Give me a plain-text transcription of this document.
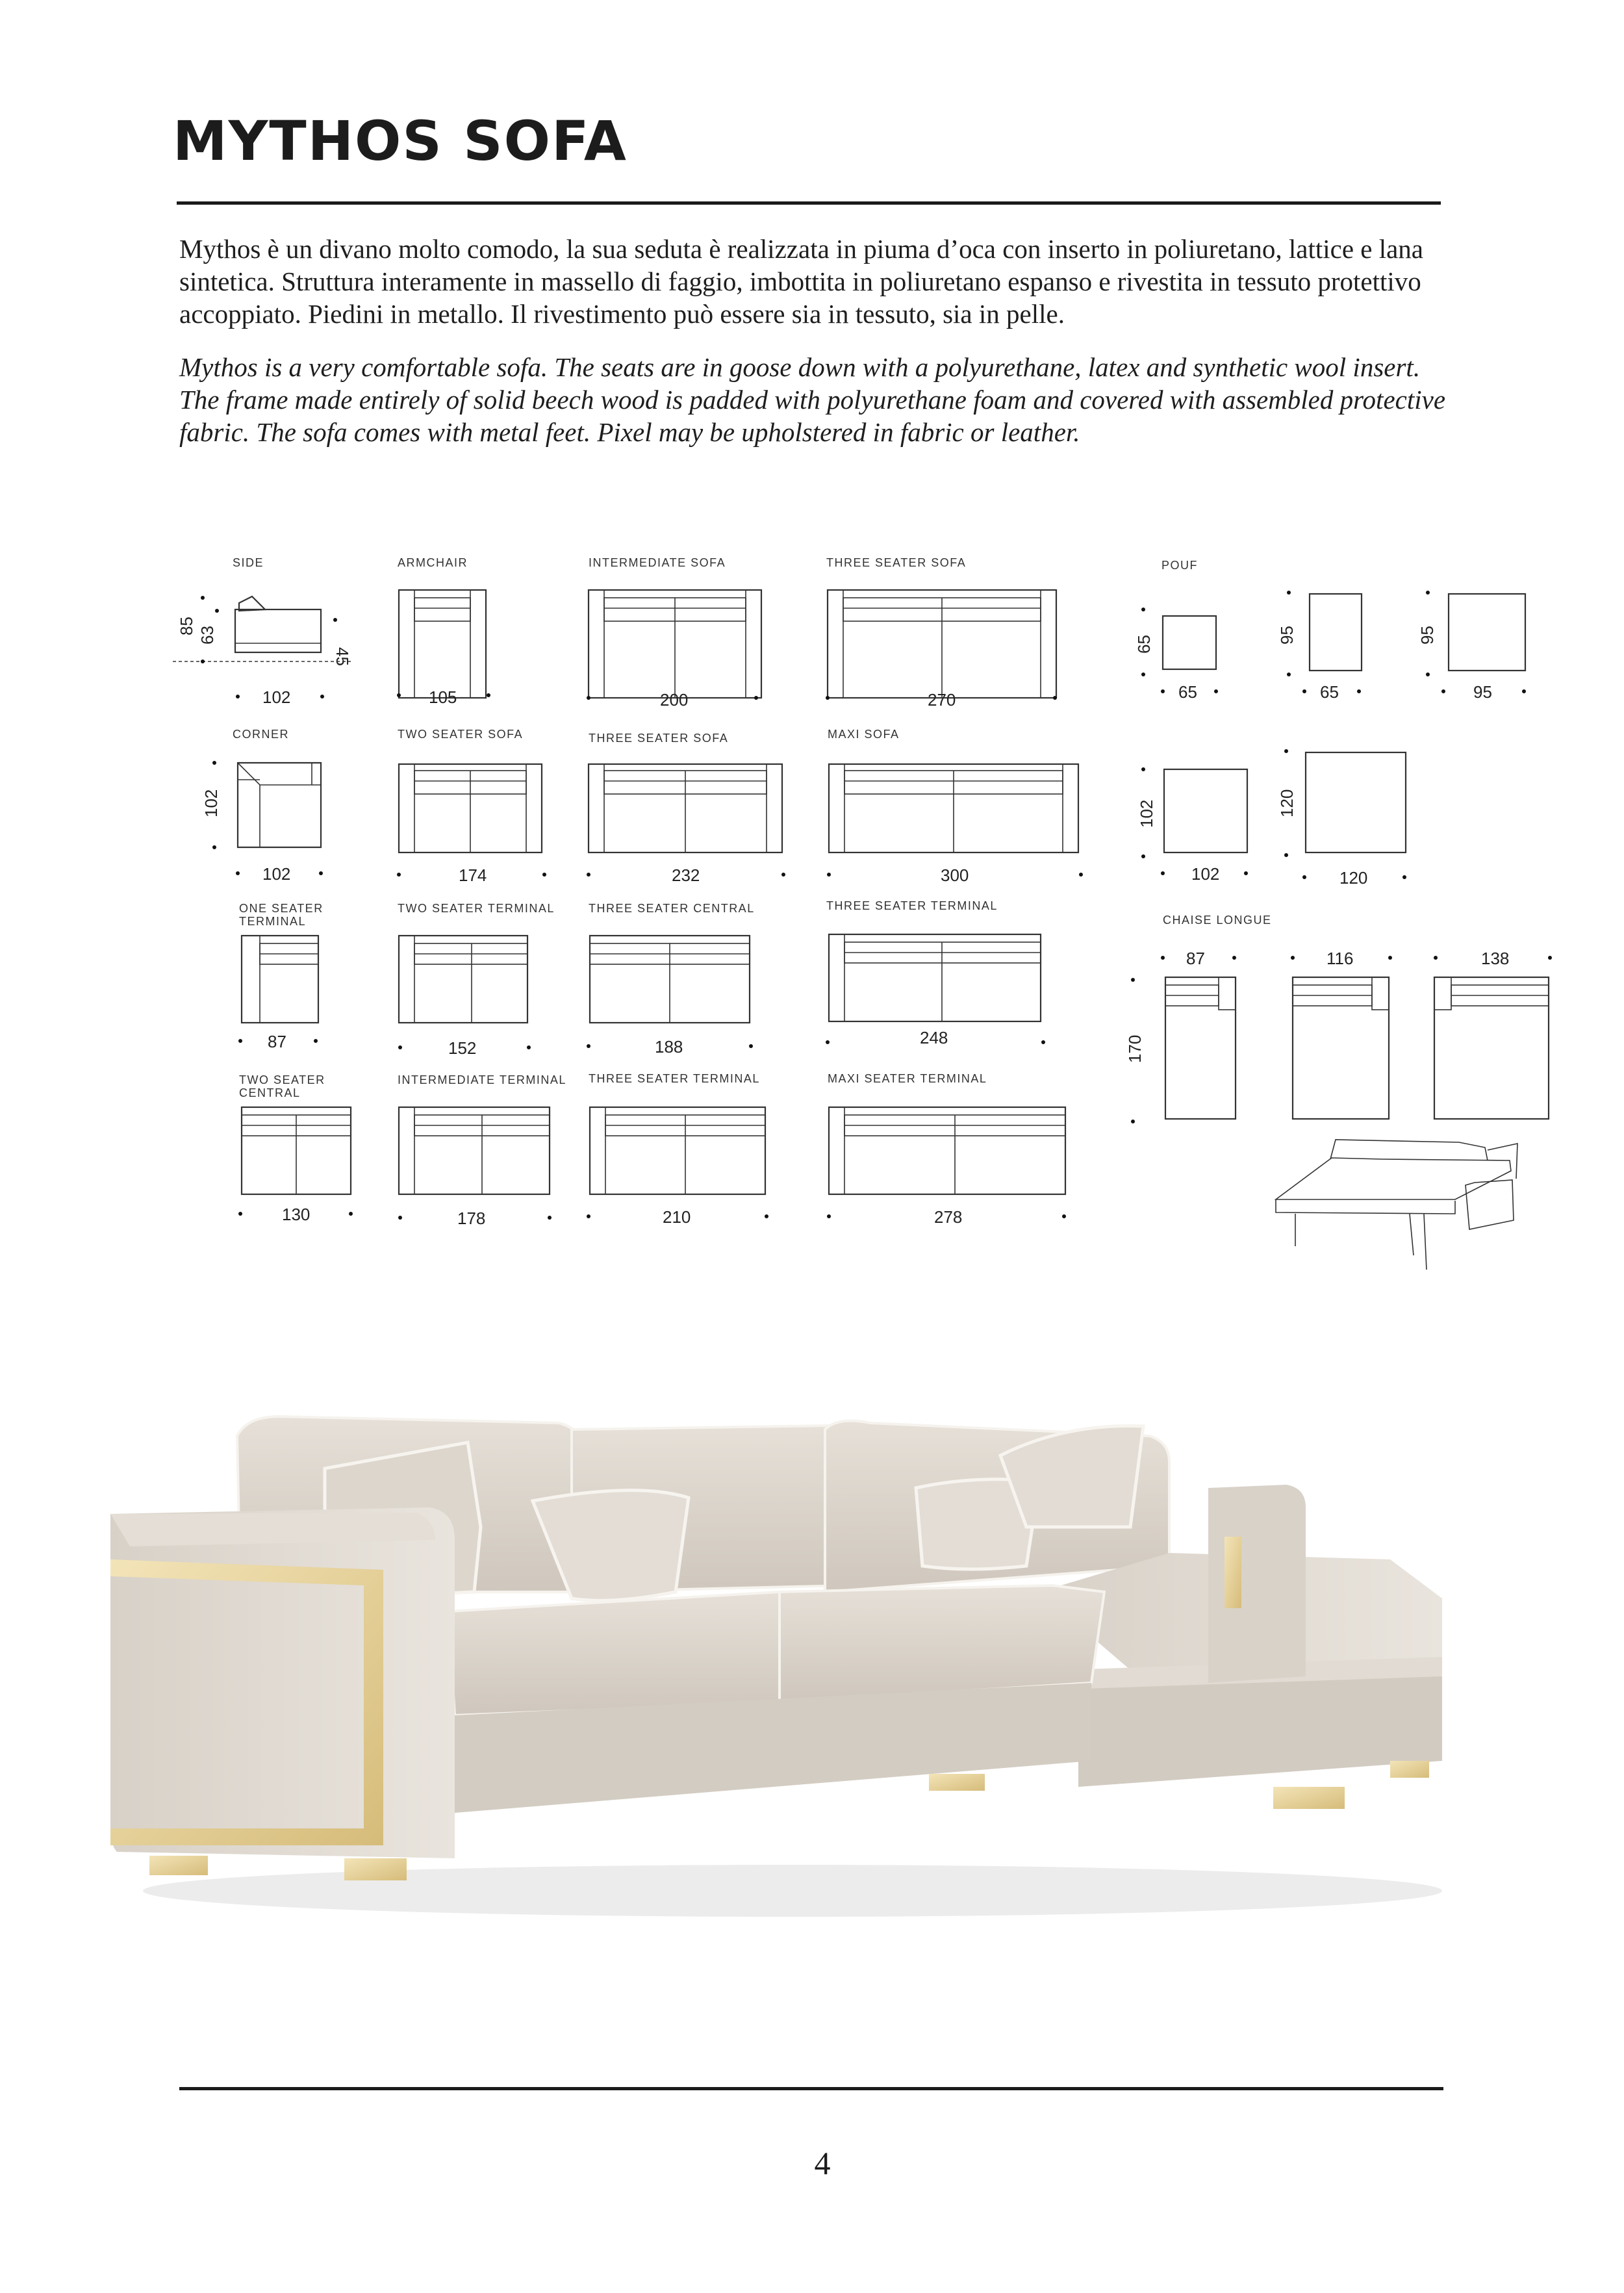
MYTHOS SOFA
Mythos è un divano molto comodo, la sua seduta è realizzata in piuma d’oca con inserto in poliuretano, lattice e lana sintetica. Struttura interamente in massello di faggio, imbottita in poliuretano espanso e rivestita in tessuto protettivo accoppiato. Piedini in metallo. Il rivestimento può essere sia in tessuto, sia in pelle.
Mythos is a very comfortable sofa. The seats are in goose down with a polyurethane, latex and synthetic wool insert. The frame made entirely of solid beech wood is padded with polyurethane foam and covered with assembled protective fabric. The sofa comes with metal feet. Pixel may be upholstered in fabric or leather.
SIDE
85 63
45
102
ARMCHAIR
105
INTERMEDIATE SOFA
200
THREE SEATER SOFA
270
POUF
65
65
95
65
95
95
102
102
120
120
CORNER
102
102
TWO SEATER SOFA
174
THREE SEATER SOFA
232
MAXI SOFA
300
ONE SEATER
TERMINAL
87
TWO SEATER TERMINAL
152
THREE SEATER CENTRAL
188
THREE SEATER TERMINAL
248
CHAISE LONGUE
87	116	138
170
TWO SEATER
CENTRAL
130
INTERMEDIATE TERMINAL
178
THREE SEATER TERMINAL
210
MAXI SEATER TERMINAL
278
4
